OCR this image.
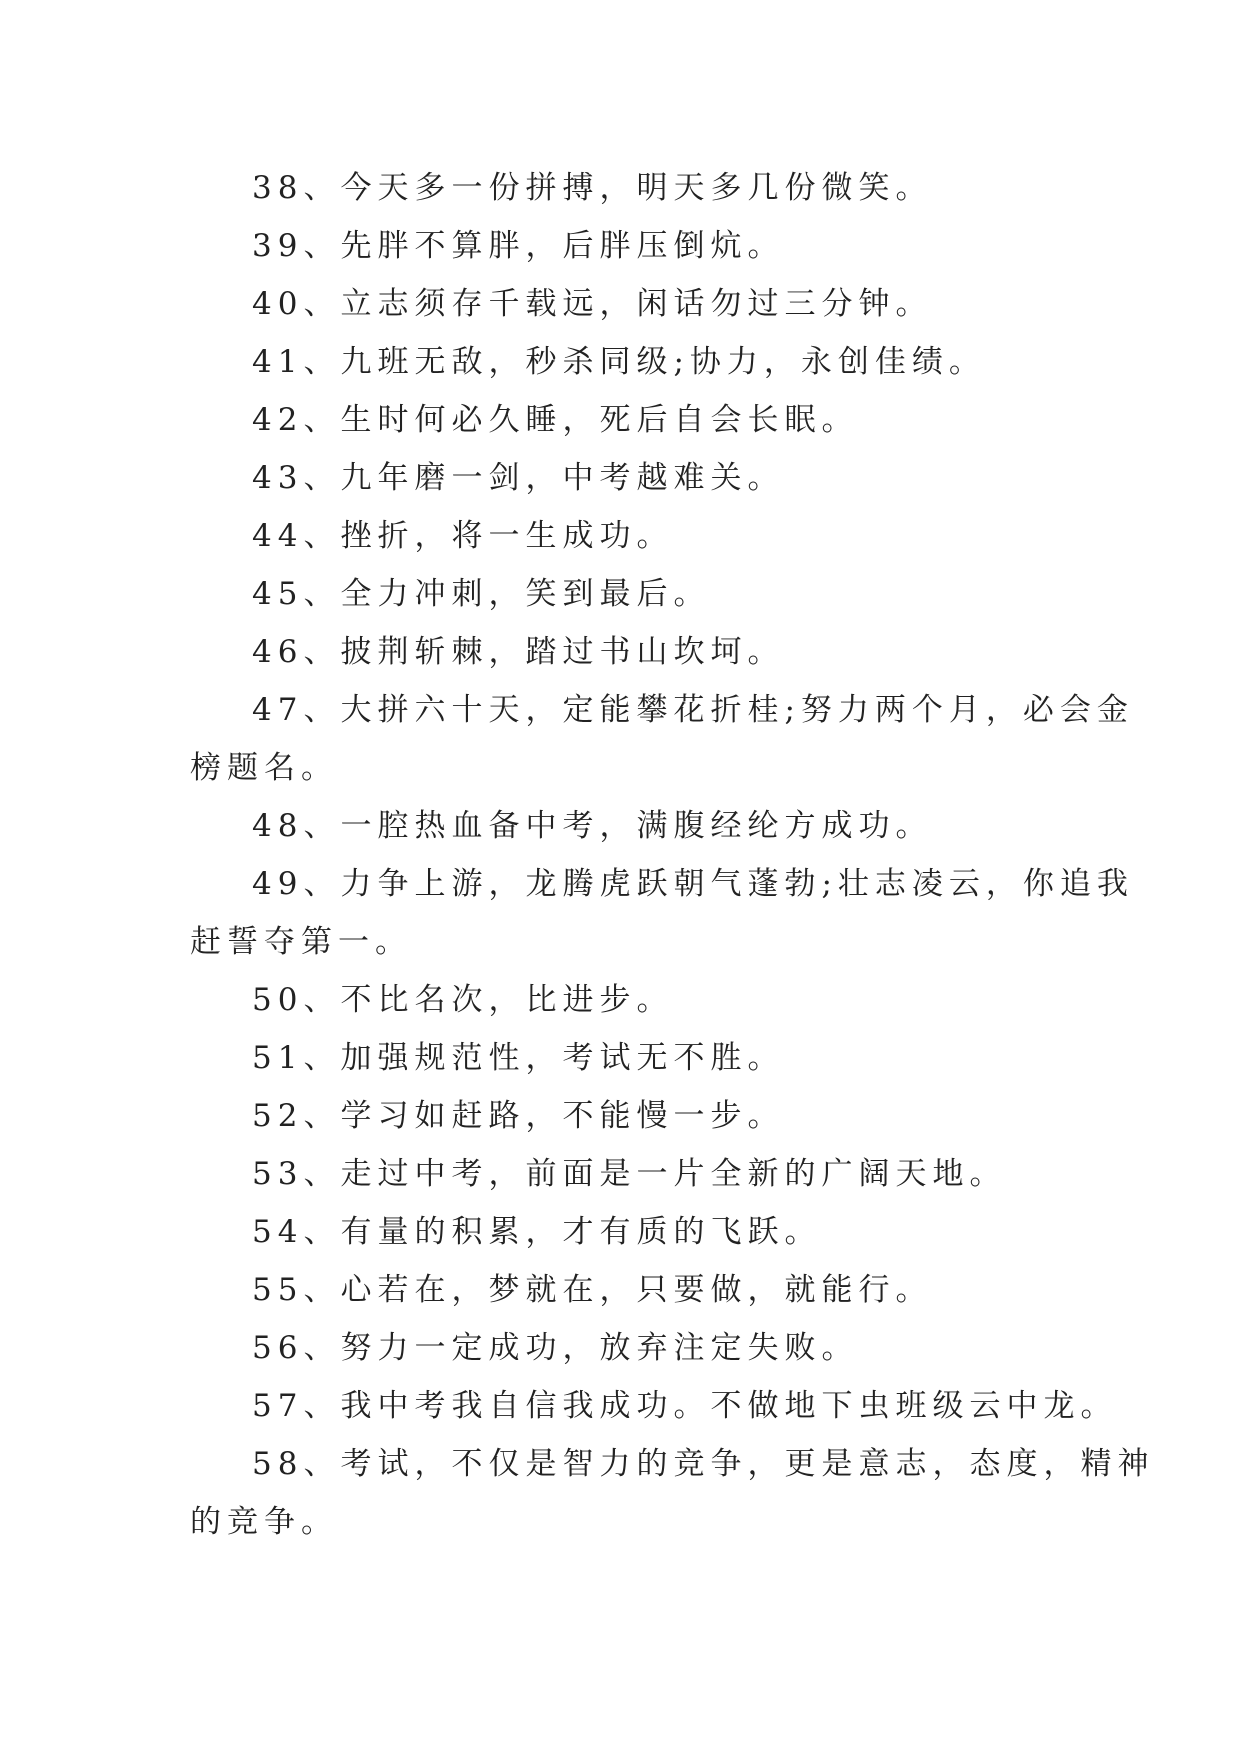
38、今天多一份拼搏，明天多几份微笑。
39、先胖不算胖，后胖压倒炕。
40、立志须存千载远，闲话勿过三分钟。
41、九班无敌，秒杀同级;协力，永创佳绩。
42、生时何必久睡，死后自会长眠。
43、九年磨一剑，中考越难关。
44、挫折，将一生成功。
45、全力冲刺，笑到最后。
46、披荆斩棘，踏过书山坎坷。
47、大拼六十天，定能攀花折桂;努力两个月，必会金
榜题名。
48、一腔热血备中考，满腹经纶方成功。
49、力争上游，龙腾虎跃朝气蓬勃;壮志凌云，你追我
赶誓夺第一。
50、不比名次，比进步。
51、加强规范性，考试无不胜。
52、学习如赶路，不能慢一步。
53、走过中考，前面是一片全新的广阔天地。
54、有量的积累，才有质的飞跃。
55、心若在，梦就在，只要做，就能行。
56、努力一定成功，放弃注定失败。
57、我中考我自信我成功。不做地下虫班级云中龙。
58、考试，不仅是智力的竞争，更是意志，态度，精神
的竞争。
